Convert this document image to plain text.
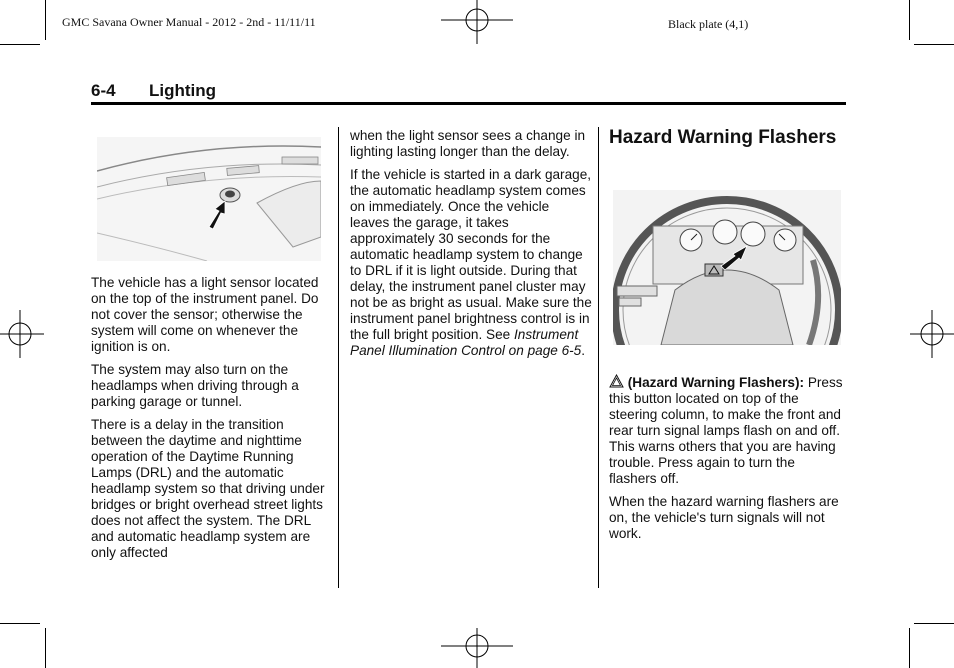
GMC Savana Owner Manual - 2012 - 2nd - 11/11/11	Black plate (4,1)
6-4 Lighting

The vehicle has a light sensor located on the top of the instrument panel. Do not cover the sensor; otherwise the system will come on whenever the ignition is on.

The system may also turn on the headlamps when driving through a parking garage or tunnel.

There is a delay in the transition between the daytime and nighttime operation of the Daytime Running Lamps (DRL) and the automatic headlamp system so that driving under bridges or bright overhead street lights does not affect the system. The DRL and automatic headlamp system are only affected

when the light sensor sees a change in lighting lasting longer than the delay.

If the vehicle is started in a dark garage, the automatic headlamp system comes on immediately. Once the vehicle leaves the garage, it takes approximately 30 seconds for the automatic headlamp system to change to DRL if it is light outside. During that delay, the instrument panel cluster may not be as bright as usual. Make sure the instrument panel brightness control is in the full bright position. See Instrument Panel Illumination Control on page 6-5.

Hazard Warning Flashers

(Hazard Warning Flashers): Press this button located on top of the steering column, to make the front and rear turn signal lamps flash on and off. This warns others that you are having trouble. Press again to turn the flashers off.

When the hazard warning flashers are on, the vehicle's turn signals will not work.
